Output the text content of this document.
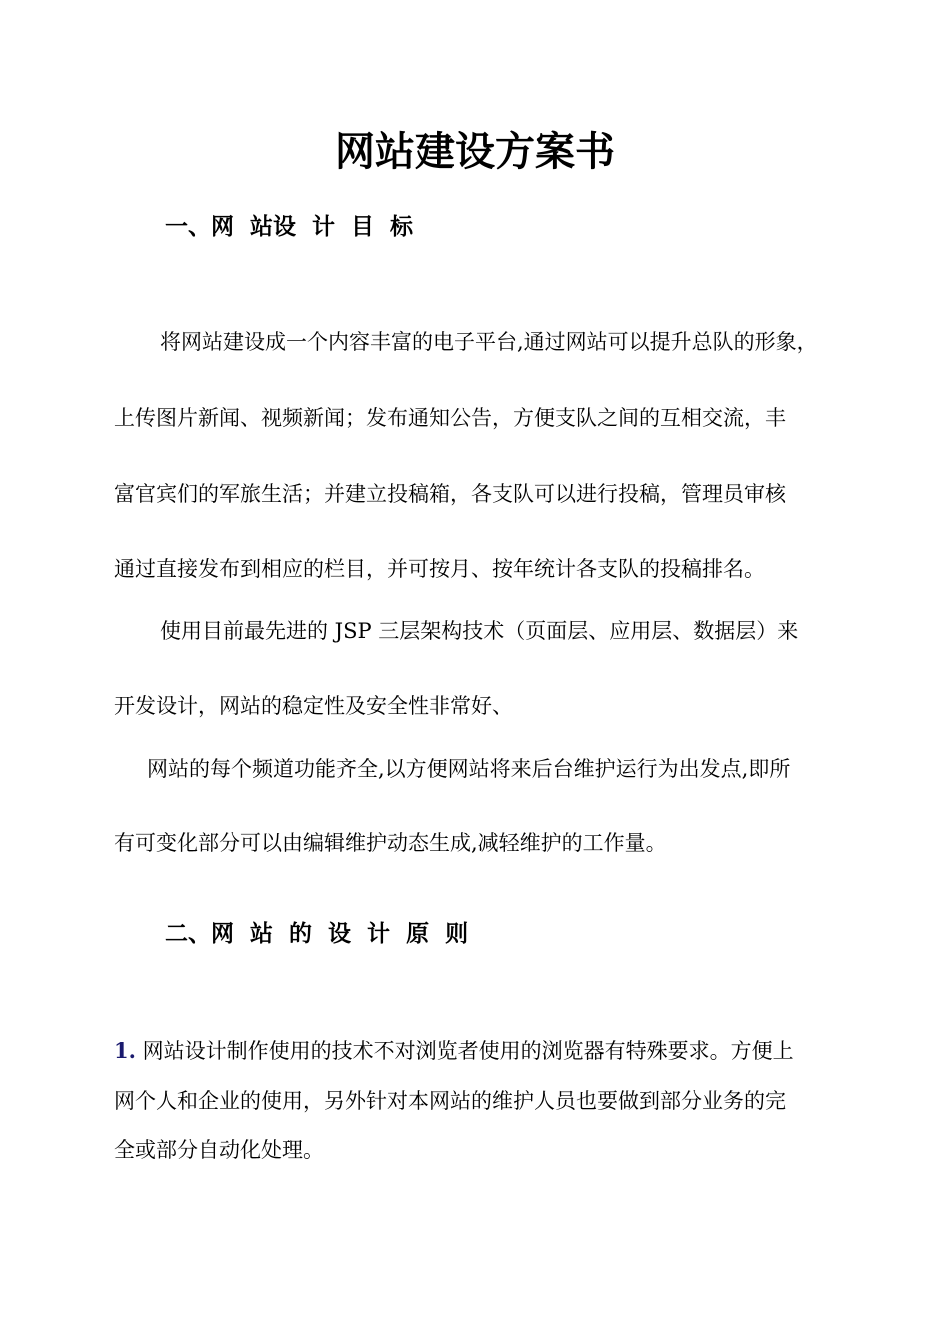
网站建设方案书
一、网  站设  计  目  标

将网站建设成一个内容丰富的电子平台,通过网站可以提升总队的形象，

上传图片新闻、视频新闻；发布通知公告，方便支队之间的互相交流，丰

富官宾们的军旅生活；并建立投稿箱，各支队可以进行投稿，管理员审核

通过直接发布到相应的栏目，并可按月、按年统计各支队的投稿排名。

使用目前最先进的 JSP 三层架构技术（页面层、应用层、数据层）来

开发设计，网站的稳定性及安全性非常好、

网站的每个频道功能齐全,以方便网站将来后台维护运行为出发点,即所

有可变化部分可以由编辑维护动态生成,减轻维护的工作量。

二、网  站  的  设  计  原  则

1. 网站设计制作使用的技术不对浏览者使用的浏览器有特殊要求。方便上

网个人和企业的使用，另外针对本网站的维护人员也要做到部分业务的完

全或部分自动化处理。
